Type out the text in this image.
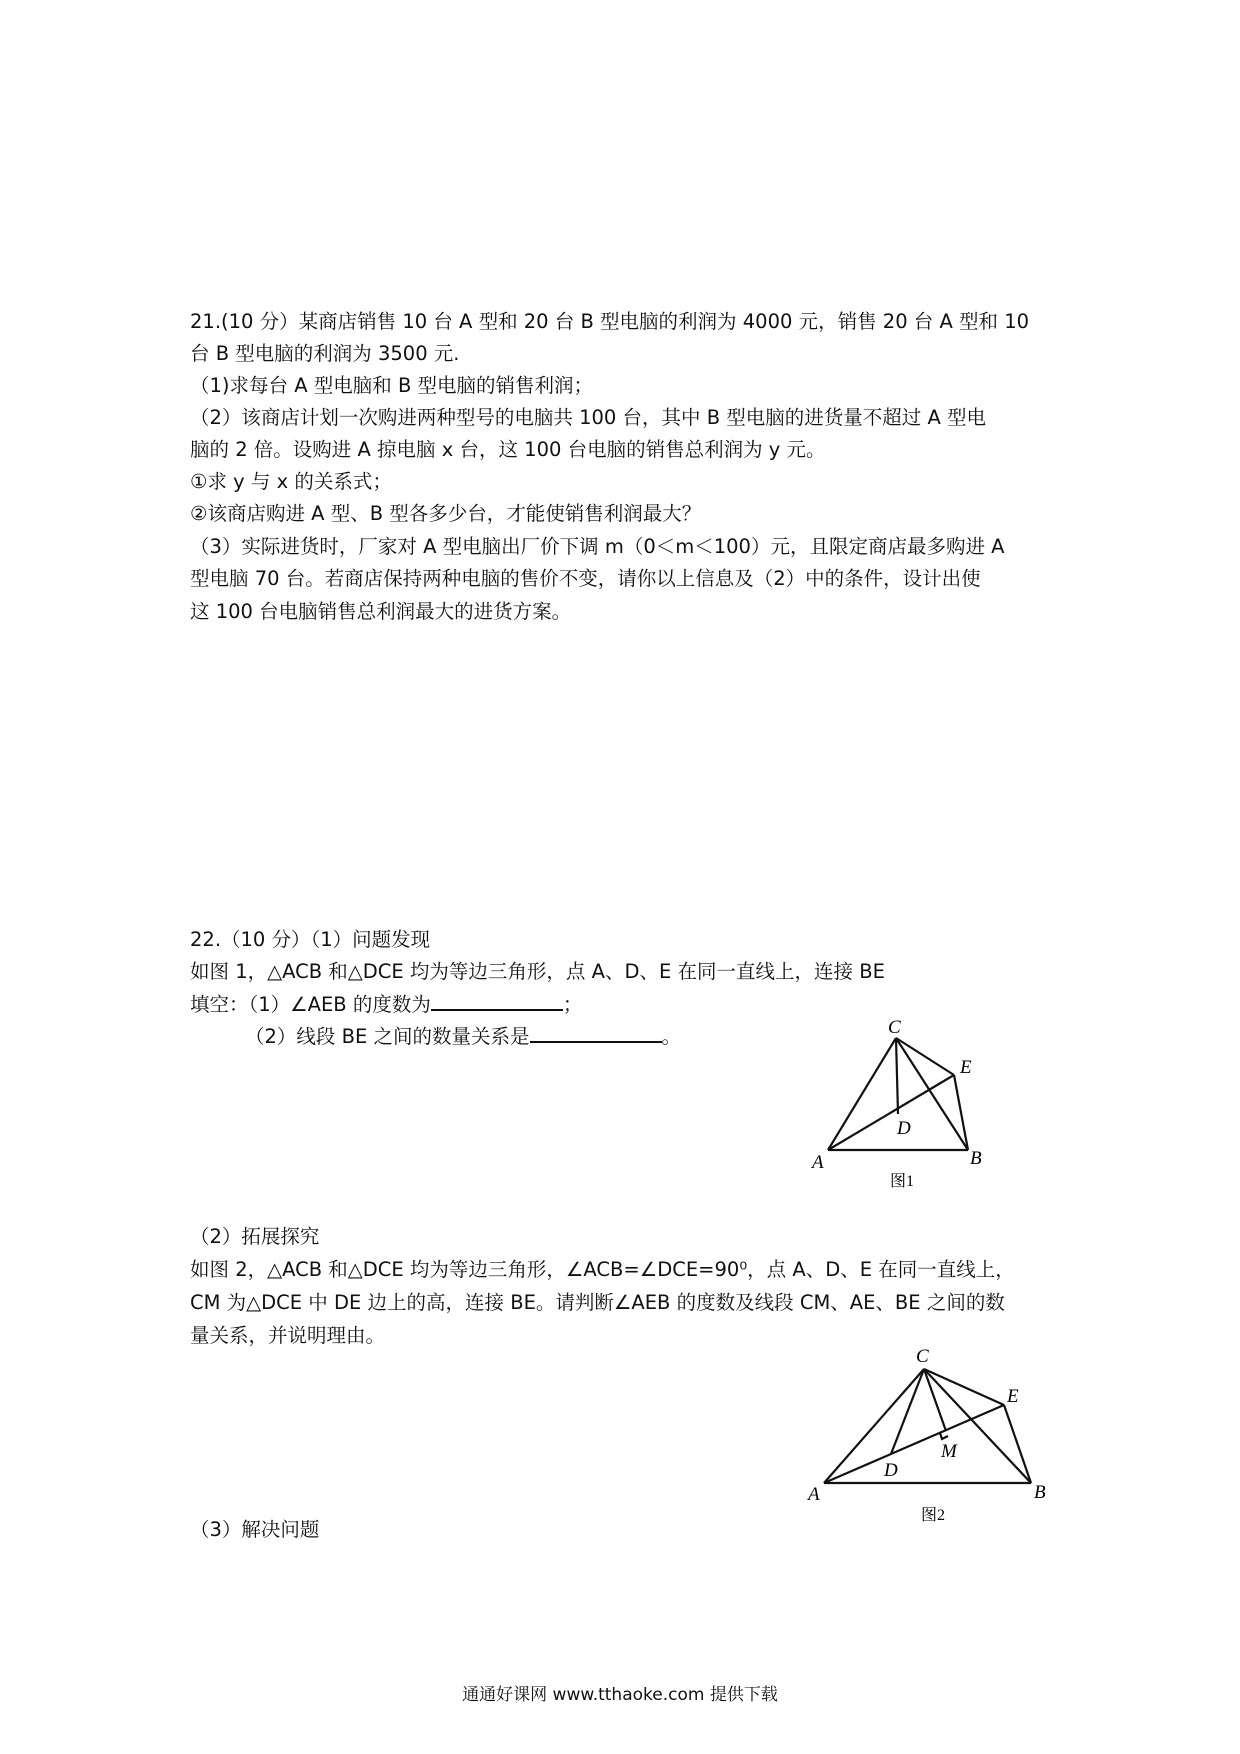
21.(10 分）某商店销售 10 台 A 型和 20 台 B 型电脑的利润为 4000 元，销售 20 台 A 型和 10
台 B 型电脑的利润为 3500 元.
（1)求每台 A 型电脑和 B 型电脑的销售利润；
（2）该商店计划一次购进两种型号的电脑共 100 台，其中 B 型电脑的进货量不超过 A 型电
脑的 2 倍。设购进 A 掠电脑 x 台，这 100 台电脑的销售总利润为 y 元。
①求 y 与 x 的关系式；
②该商店购进 A 型、B 型各多少台，才能使销售利润最大？
（3）实际进货时，厂家对 A 型电脑出厂价下调 m（0＜m＜100）元，且限定商店最多购进 A
型电脑 70 台。若商店保持两种电脑的售价不变，请你以上信息及（2）中的条件，设计出使
这 100 台电脑销售总利润最大的进货方案。
22.（10 分）（1）问题发现
如图 1，△ACB 和△DCE 均为等边三角形，点 A、D、E 在同一直线上，连接 BE
填空：（1）∠AEB 的度数为	；
（2）线段 BE 之间的数量关系是	。	C
E
D
A	B
图1
（2）拓展探究
如图 2，△ACB 和△DCE 均为等边三角形，∠ACB=∠DCE=90⁰，点 A、D、E 在同一直线上，
CM 为△DCE 中 DE 边上的高，连接 BE。请判断∠AEB 的度数及线段 CM、AE、BE 之间的数
量关系，并说明理由。
C
E
M
D
A	B
图2
（3）解决问题
通通好课网 www.tthaoke.com 提供下载
